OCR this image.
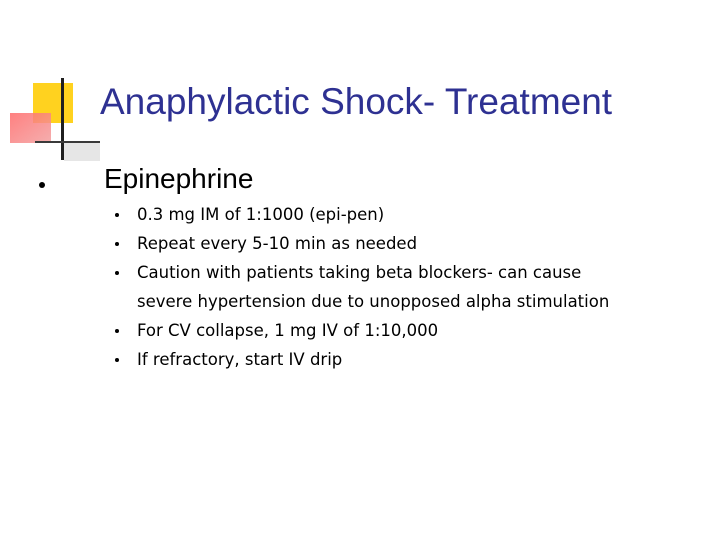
Anaphylactic Shock- Treatment
Epinephrine
0.3 mg IM of 1:1000 (epi-pen)
Repeat every 5-10 min as needed
Caution with patients taking beta blockers- can cause
severe hypertension due to unopposed alpha stimulation
For CV collapse, 1 mg IV of 1:10,000
If refractory, start IV drip
